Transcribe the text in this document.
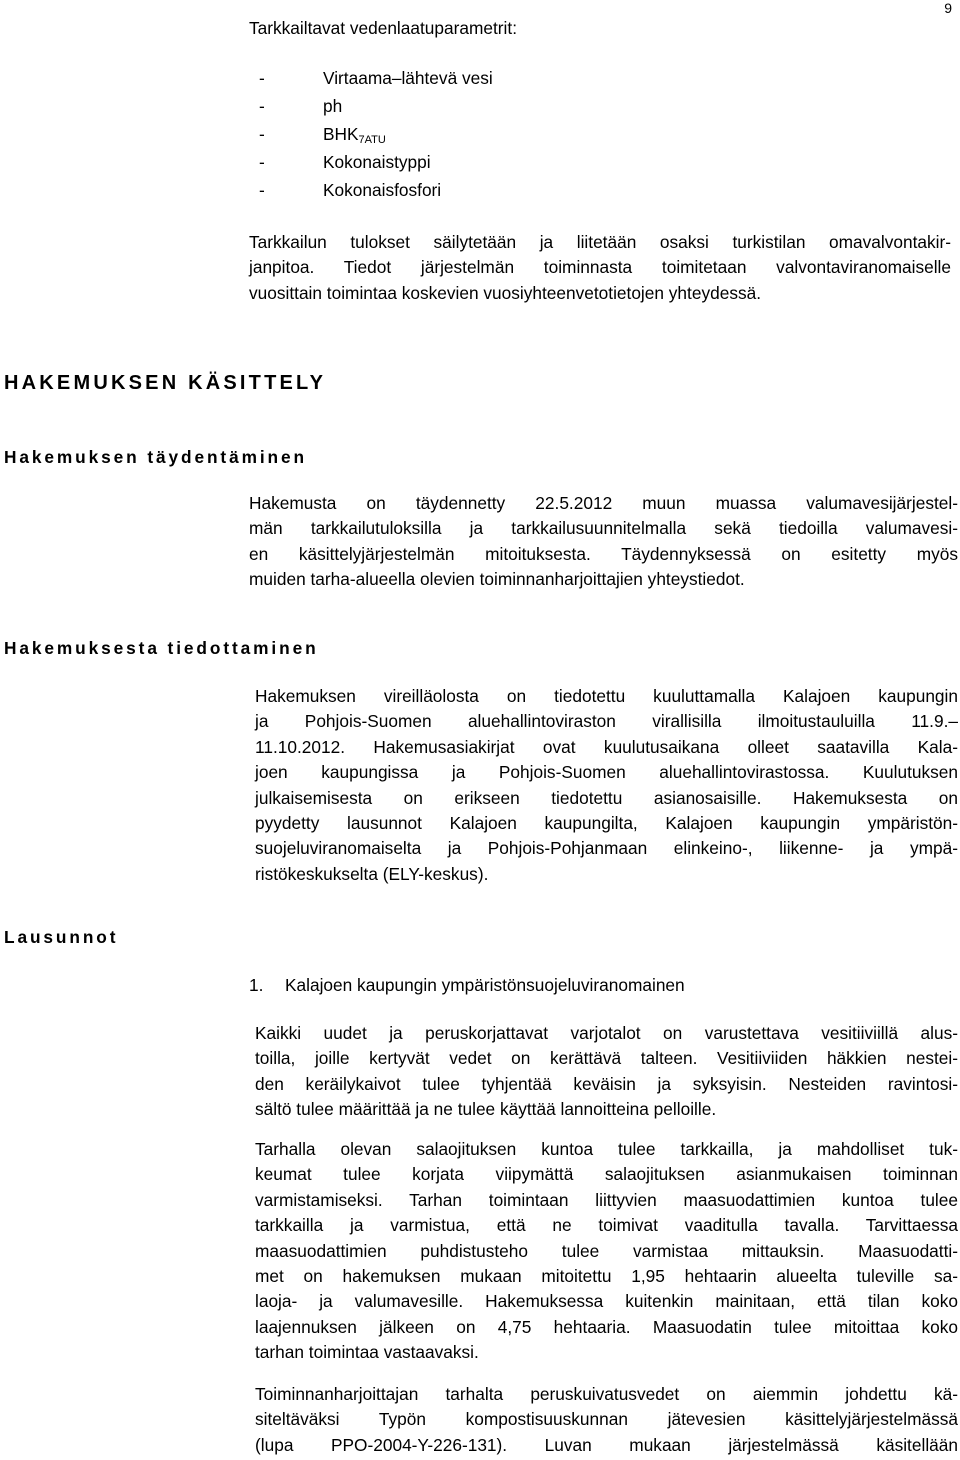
9
Tarkkailtavat vedenlaatuparametrit:
-	Virtaama–lähtevä vesi
-	ph
-	$BHK_{7ATU}$
-	Kokonaistyppi
-	Kokonaisfosfori
Tarkkailun tulokset säilytetään ja liitetään osaksi turkistilan omavalvontakir-
janpitoa. Tiedot järjestelmän toiminnasta toimitetaan valvontaviranomaiselle
vuosittain toimintaa koskevien vuosiyhteenvetotietojen yhteydessä.
HAKEMUKSEN KÄSITTELY
Hakemuksen täydentäminen
Hakemusta on täydennetty 22.5.2012 muun muassa valumavesijärjestel-
män tarkkailutuloksilla ja tarkkailusuunnitelmalla sekä tiedoilla valumavesi-
en käsittelyjärjestelmän mitoituksesta. Täydennyksessä on esitetty myös
muiden tarha-alueella olevien toiminnanharjoittajien yhteystiedot.
Hakemuksesta tiedottaminen
Hakemuksen vireilläolosta on tiedotettu kuuluttamalla Kalajoen kaupungin
ja Pohjois-Suomen aluehallintoviraston virallisilla ilmoitustauluilla 11.9.–
11.10.2012. Hakemusasiakirjat ovat kuulutusaikana olleet saatavilla Kala-
joen kaupungissa ja Pohjois-Suomen aluehallintovirastossa. Kuulutuksen
julkaisemisesta on erikseen tiedotettu asianosaisille. Hakemuksesta on
pyydetty lausunnot Kalajoen kaupungilta, Kalajoen kaupungin ympäristön-
suojeluviranomaiselta ja Pohjois-Pohjanmaan elinkeino-, liikenne- ja ympä-
ristökeskukselta (ELY-keskus).
Lausunnot
1. Kalajoen kaupungin ympäristönsuojeluviranomainen
Kaikki uudet ja peruskorjattavat varjotalot on varustettava vesitiiviillä alus-
toilla, joille kertyvät vedet on kerättävä talteen. Vesitiiviiden häkkien nestei-
den keräilykaivot tulee tyhjentää keväisin ja syksyisin. Nesteiden ravintosi-
sältö tulee määrittää ja ne tulee käyttää lannoitteina pelloille.
Tarhalla olevan salaojituksen kuntoa tulee tarkkailla, ja mahdolliset tuk-
keumat tulee korjata viipymättä salaojituksen asianmukaisen toiminnan
varmistamiseksi. Tarhan toimintaan liittyvien maasuodattimien kuntoa tulee
tarkkailla ja varmistua, että ne toimivat vaaditulla tavalla. Tarvittaessa
maasuodattimien puhdistusteho tulee varmistaa mittauksin. Maasuodatti-
met on hakemuksen mukaan mitoitettu 1,95 hehtaarin alueelta tuleville sa-
laoja- ja valumavesille. Hakemuksessa kuitenkin mainitaan, että tilan koko
laajennuksen jälkeen on 4,75 hehtaaria. Maasuodatin tulee mitoittaa koko
tarhan toimintaa vastaavaksi.
Toiminnanharjoittajan tarhalta peruskuivatusvedet on aiemmin johdettu kä-
siteltäväksi Typön kompostisuuskunnan jätevesien käsittelyjärjestelmässä
(lupa PPO-2004-Y-226-131). Luvan mukaan järjestelmässä käsitellään
